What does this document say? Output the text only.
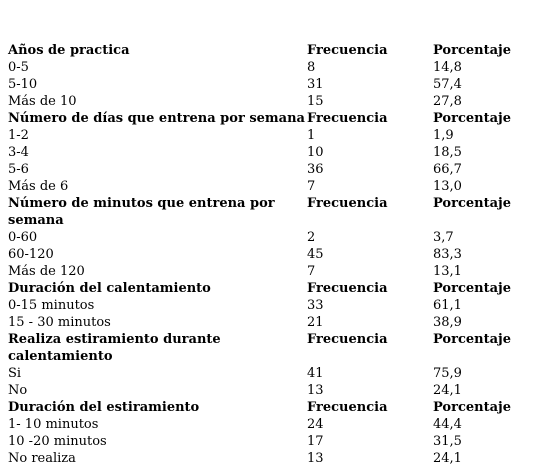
Años de practica	Frecuencia	Porcentaje
0-5	8	14,8
5-10	31	57,4
Más de 10	15	27,8
Número de días que entrena por semana	Frecuencia	Porcentaje
1-2	1	1,9
3-4	10	18,5
5-6	36	66,7
Más de 6	7	13,0
Número de minutos que entrena por semana	Frecuencia	Porcentaje
0-60	2	3,7
60-120	45	83,3
Más de 120	7	13,1
Duración del calentamiento	Frecuencia	Porcentaje
0-15 minutos	33	61,1
15 - 30 minutos	21	38,9
Realiza estiramiento durante calentamiento	Frecuencia	Porcentaje
Si	41	75,9
No	13	24,1
Duración del estiramiento	Frecuencia	Porcentaje
1- 10 minutos	24	44,4
10 -20 minutos	17	31,5
No realiza	13	24,1
